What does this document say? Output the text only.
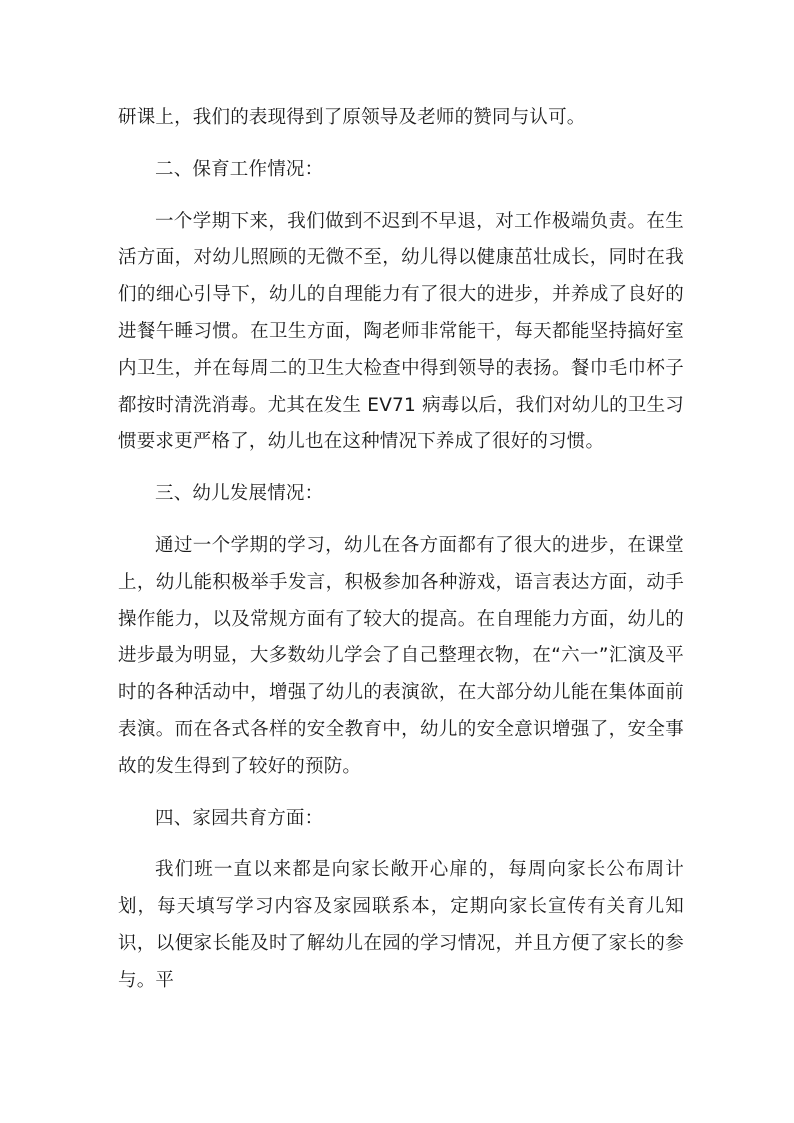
研课上，我们的表现得到了原领导及老师的赞同与认可。

二、保育工作情况：

一个学期下来，我们做到不迟到不早退，对工作极端负责。在生活方面，对幼儿照顾的无微不至，幼儿得以健康茁壮成长，同时在我们的细心引导下，幼儿的自理能力有了很大的进步，并养成了良好的进餐午睡习惯。在卫生方面，陶老师非常能干，每天都能坚持搞好室内卫生，并在每周二的卫生大检查中得到领导的表扬。餐巾毛巾杯子都按时清洗消毒。尤其在发生 EV71 病毒以后，我们对幼儿的卫生习惯要求更严格了，幼儿也在这种情况下养成了很好的习惯。

三、幼儿发展情况：

通过一个学期的学习，幼儿在各方面都有了很大的进步，在课堂上，幼儿能积极举手发言，积极参加各种游戏，语言表达方面，动手操作能力，以及常规方面有了较大的提高。在自理能力方面，幼儿的进步最为明显，大多数幼儿学会了自己整理衣物，在“六一”汇演及平时的各种活动中，增强了幼儿的表演欲，在大部分幼儿能在集体面前表演。而在各式各样的安全教育中，幼儿的安全意识增强了，安全事故的发生得到了较好的预防。

四、家园共育方面：

我们班一直以来都是向家长敞开心扉的，每周向家长公布周计划，每天填写学习内容及家园联系本，定期向家长宣传有关育儿知识，以便家长能及时了解幼儿在园的学习情况，并且方便了家长的参与。平
